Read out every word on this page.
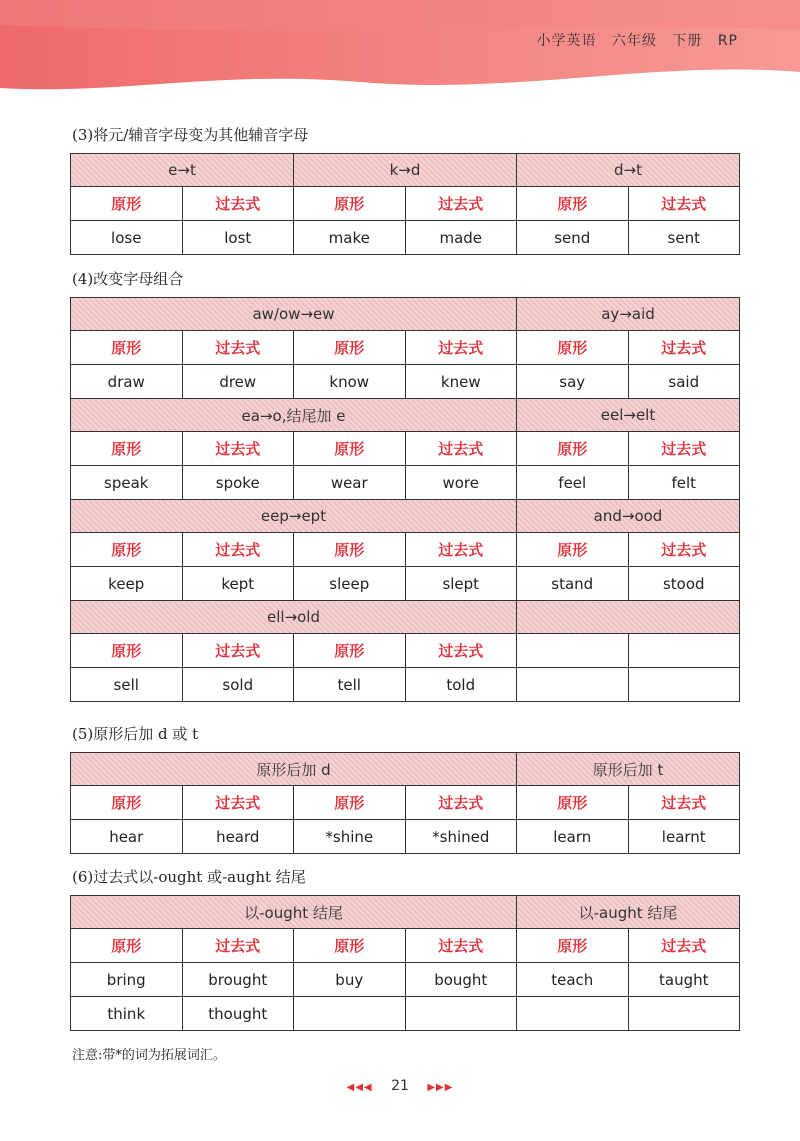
小学英语 六年级 下册 RP
(3)将元/辅音字母变为其他辅音字母
e→t		k→d		d→t	
原形	过去式	原形	过去式	原形	过去式
lose	lost	make	made	send	sent
(4)改变字母组合
aw/ow→ew				ay→aid	
原形	过去式	原形	过去式	原形	过去式
draw	drew	know	knew	say	said
ea→o,结尾加 e				eel→elt	
原形	过去式	原形	过去式	原形	过去式
speak	spoke	wear	wore	feel	felt
eep→ept				and→ood	
原形	过去式	原形	过去式	原形	过去式
keep	kept	sleep	slept	stand	stood
ell→old					
原形	过去式	原形	过去式		
sell	sold	tell	told		
(5)原形后加 d 或 t
原形后加 d				原形后加 t	
原形	过去式	原形	过去式	原形	过去式
hear	heard	*shine	*shined	learn	learnt
(6)过去式以-ought 或-aught 结尾
以-ought 结尾				以-aught 结尾	
原形	过去式	原形	过去式	原形	过去式
bring	brought	buy	bought	teach	taught
think	thought				
注意:带*的词为拓展词汇。
◀◀◀ 21 ▶▶▶
